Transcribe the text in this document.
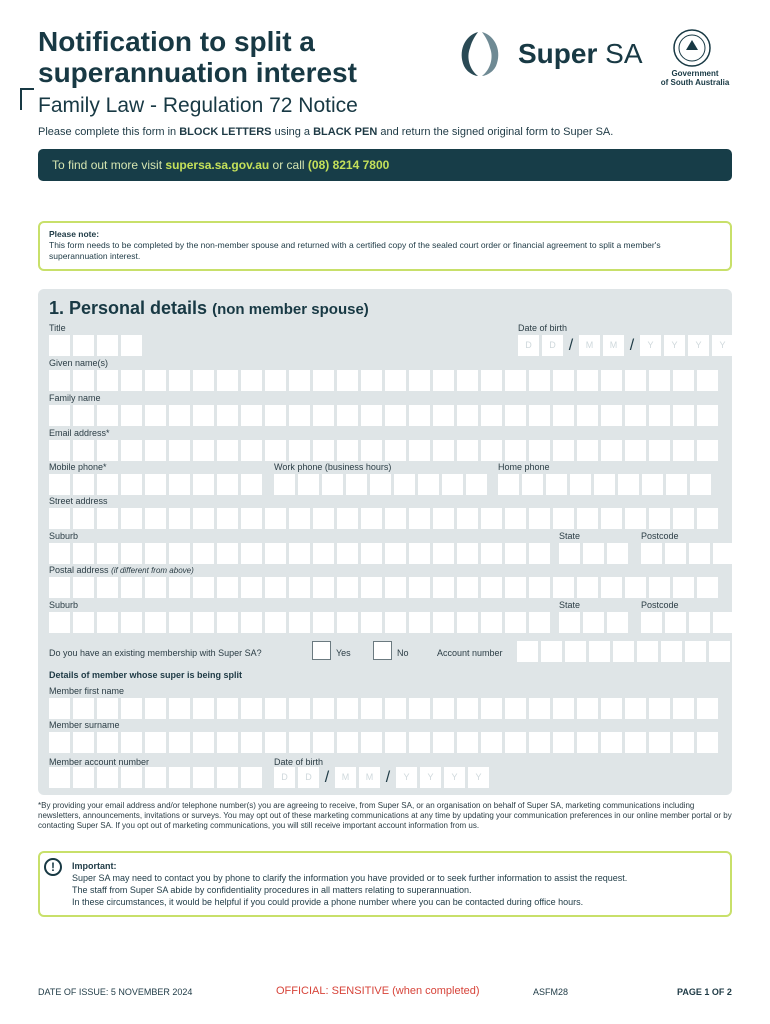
Notification to split a
superannuation interest
Super SA
Government
of South Australia
Family Law - Regulation 72 Notice
Please complete this form in BLOCK LETTERS using a BLACK PEN and return the signed original form to Super SA.
To find out more visit supersa.sa.gov.au or call (08) 8214 7800
Please note:
This form needs to be completed by the non-member spouse and returned with a certified copy of the sealed court order or financial agreement to split a member's superannuation interest.
1. Personal details (non member spouse)
Title	Date of birth
D	D /	M	M /	Y	Y	Y	Y
Given name(s)
Family name
Email address*
Mobile phone*	Work phone (business hours)	Home phone
Street address
Suburb	State	Postcode
Postal address (if different from above)
Suburb	State	Postcode
Do you have an existing membership with Super SA?	Yes	No	Account number
Details of member whose super is being split
Member first name
Member surname
Member account number	Date of birth
D	D /	M	M /	Y	Y	Y	Y
*By providing your email address and/or telephone number(s) you are agreeing to receive, from Super SA, or an organisation on behalf of Super SA, marketing communications including newsletters, announcements, invitations or surveys. You may opt out of these marketing communications at any time by updating your communication preferences in our online member portal or by contacting Super SA. If you opt out of marketing communications, you will still receive important account information from us.
Important:
Super SA may need to contact you by phone to clarify the information you have provided or to seek further information to assist the request.
The staff from Super SA abide by confidentiality procedures in all matters relating to superannuation.
In these circumstances, it would be helpful if you could provide a phone number where you can be contacted during office hours.
!
DATE OF ISSUE: 5 NOVEMBER 2024	OFFICIAL: SENSITIVE (when completed)	ASFM28	PAGE 1 OF 2
